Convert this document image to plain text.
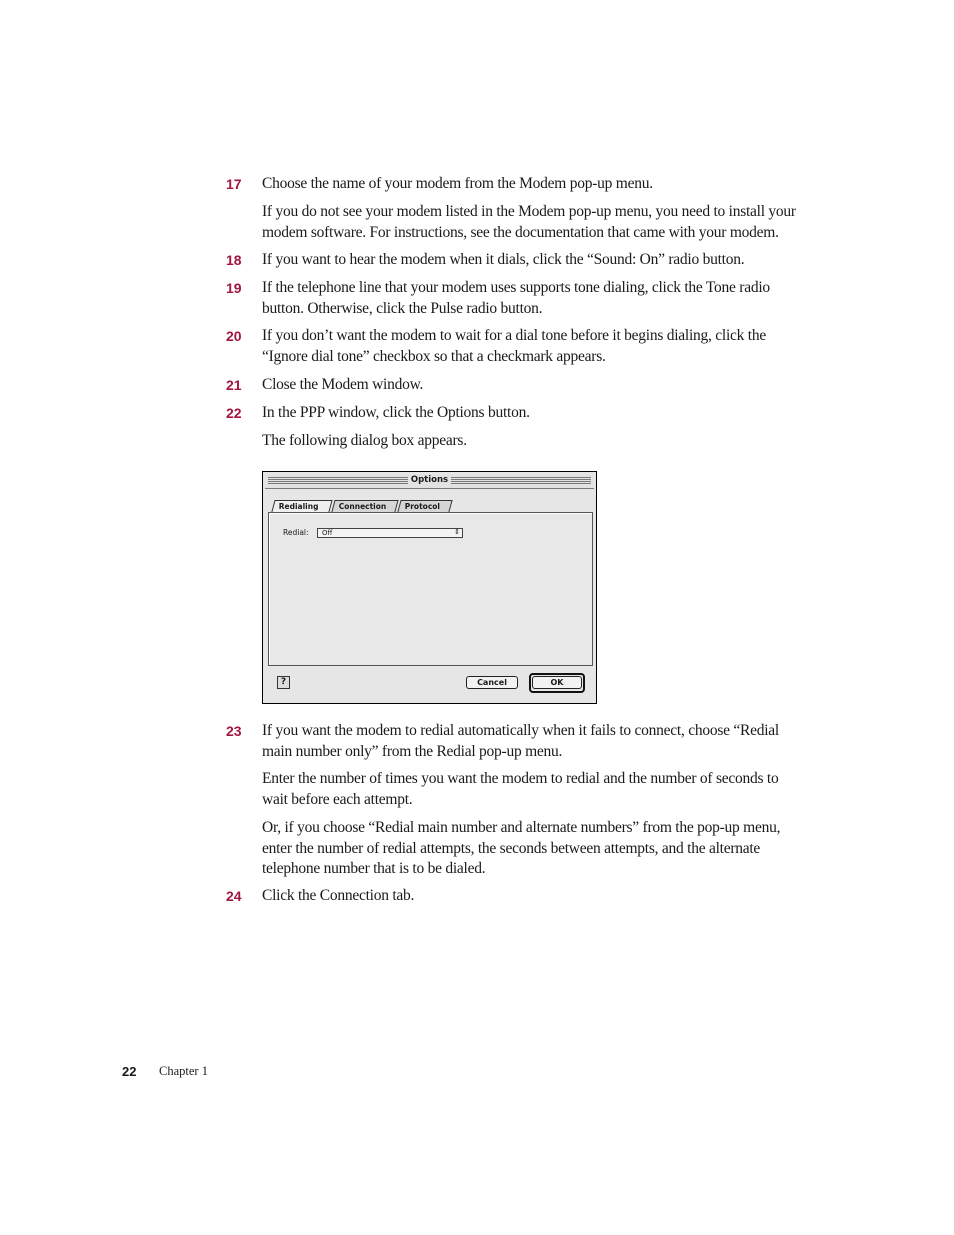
17 Choose the name of your modem from the Modem pop-up menu.
If you do not see your modem listed in the Modem pop-up menu, you need to install your modem software. For instructions, see the documentation that came with your modem.
18 If you want to hear the modem when it dials, click the “Sound: On” radio button.
19 If the telephone line that your modem uses supports tone dialing, click the Tone radio button. Otherwise, click the Pulse radio button.
20 If you don’t want the modem to wait for a dial tone before it begins dialing, click the “Ignore dial tone” checkbox so that a checkmark appears.
21 Close the Modem window.
22 In the PPP window, click the Options button.
The following dialog box appears.
Options
Redialing	Connection	Protocol
Redial:	Off	⇕
?	Cancel	OK
23 If you want the modem to redial automatically when it fails to connect, choose “Redial main number only” from the Redial pop-up menu.
Enter the number of times you want the modem to redial and the number of seconds to wait before each attempt.
Or, if you choose “Redial main number and alternate numbers” from the pop-up menu, enter the number of redial attempts, the seconds between attempts, and the alternate telephone number that is to be dialed.
24 Click the Connection tab.
22 Chapter 1
